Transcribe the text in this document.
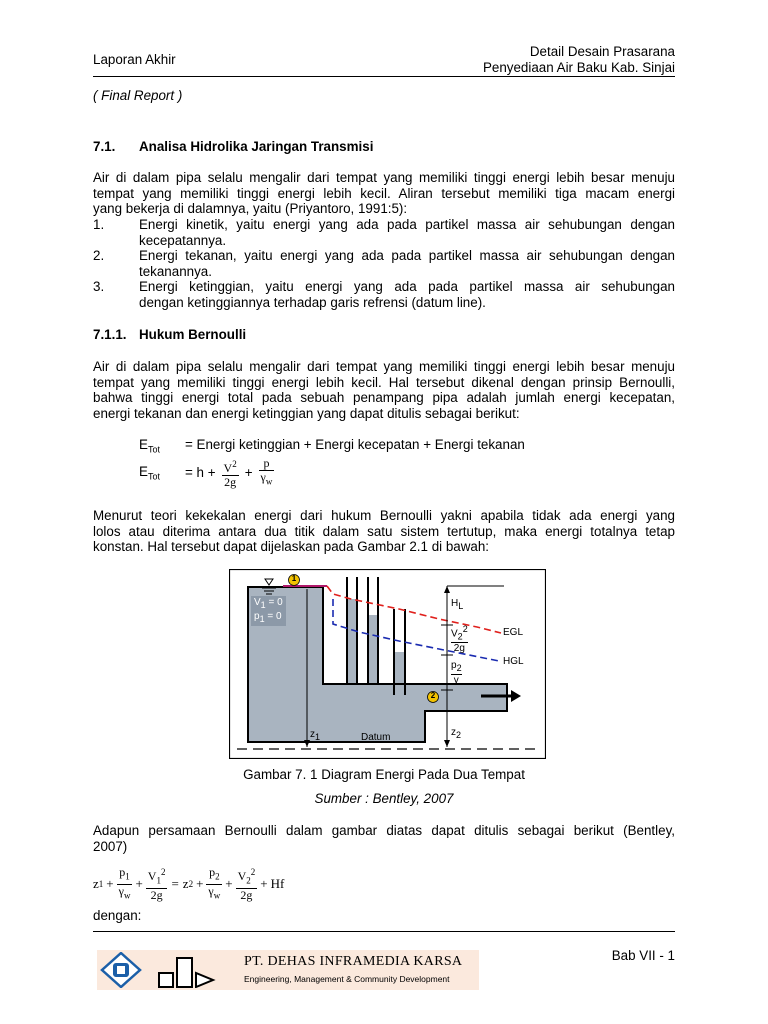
Laporan Akhir
Detail Desain Prasarana
Penyediaan Air Baku Kab. Sinjai
( Final Report )
7.1. Analisa Hidrolika Jaringan Transmisi
Air di dalam pipa selalu mengalir dari tempat yang memiliki tinggi energi lebih besar menuju
tempat yang memiliki tinggi energi lebih kecil. Aliran tersebut memiliki tiga macam energi
yang bekerja di dalamnya, yaitu (Priyantoro, 1991:5):
1.	Energi kinetik, yaitu energi yang ada pada partikel massa air sehubungan dengan
kecepatannya.
2.	Energi tekanan, yaitu energi yang ada pada partikel massa air sehubungan dengan
tekanannya.
3.	Energi ketinggian, yaitu energi yang ada pada partikel massa air sehubungan
dengan ketinggiannya terhadap garis refrensi (datum line).
7.1.1. Hukum Bernoulli
Air di dalam pipa selalu mengalir dari tempat yang memiliki tinggi energi lebih besar menuju
tempat yang memiliki tinggi energi lebih kecil. Hal tersebut dikenal dengan prinsip Bernoulli,
bahwa tinggi energi total pada sebuah penampang pipa adalah jumlah energi kecepatan,
energi tekanan dan energi ketinggian yang dapat ditulis sebagai berikut:
$E_{Tot}$ = Energi ketinggian + Energi kecepatan + Energi tekanan
$E_{Tot} = h + \frac{V^2}{2g} + \frac{p}{\gamma_w}$
Menurut teori kekekalan energi dari hukum Bernoulli yakni apabila tidak ada energi yang
lolos atau diterima antara dua titik dalam satu sistem tertutup, maka energi totalnya tetap
konstan. Hal tersebut dapat dijelaskan pada Gambar 2.1 di bawah:
1
2
$V_1 = 0$
$p_1 = 0$
$H_L$
$V_2^2$
2g
EGL
HGL
$p_2$
γ
$z_1$	$z_2$
Datum
Gambar 7. 1 Diagram Energi Pada Dua Tempat
Sumber : Bentley, 2007
Adapun persamaan Bernoulli dalam gambar diatas dapat ditulis sebagai berikut (Bentley,
2007)
z $1 + \frac{p_1}{\gamma_w} + \frac{V_1^2}{2g} = z$ $2 + \frac{p_2}{\gamma_w} + \frac{V_2^2}{2g} + Hf$
dengan:
PT. DEHAS INFRAMEDIA KARSA
Engineering, Management & Community Development
Bab VII - 1
